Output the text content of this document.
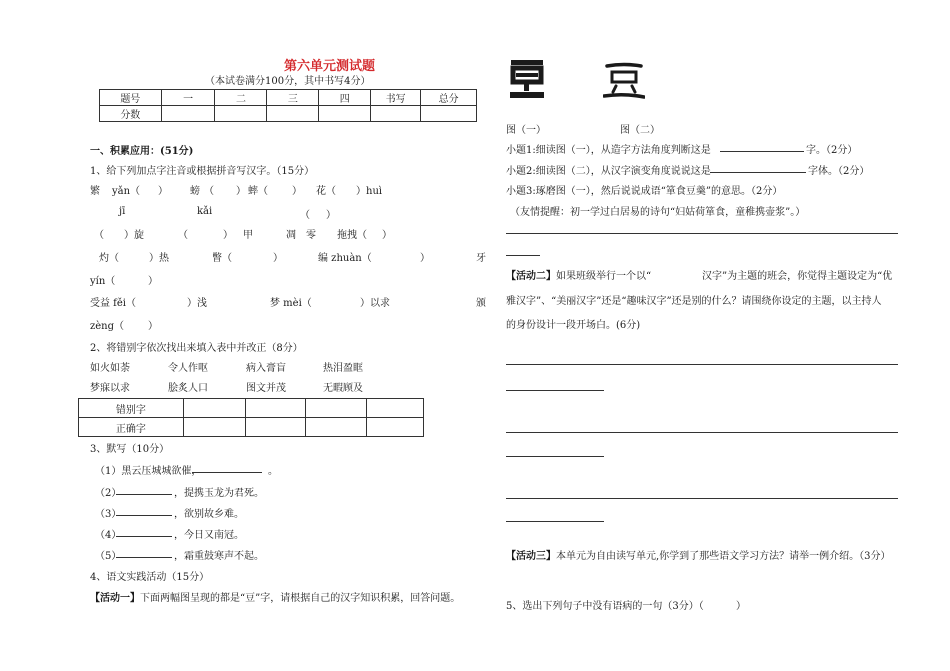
第六单元测试题
（本试卷满分100分，其中书写4分）
题号	一	二	三	四	书写	总分
分数						
一、积累应用：(51分)
1、给下列加点字注音或根据拼音写汉字。（15分）
繁 yǎn（ ） 螃 （ ） 蟀（ ） 花（ ）huì
jī	kǎi	（ ）
（ ）旋	（	） 甲	凋 零 拖拽（ ）
灼（	）热	瞥（	）	编 zhuàn（	）	牙
yín（	）
受益 fěi（	）浅	梦 mèi（	）以求	颁
zèng（ ）
2、将错别字依次找出来填入表中并改正（8分）
如火如荼	令人作呕	病入膏盲	热泪盈眶
梦寐以求	脍炙人口	图文并茂	无暇顾及
错别字				
正确字				
3、默写（10分）
（1）黑云压城城欲催，	。
（2）	，提携玉龙为君死。
（3）	，欲别故乡难。
（4）	，今日又南冠。
（5）	，霜重鼓寒声不起。
4、语文实践活动（15分）
【活动一】 下面两幅图呈现的都是“豆”字，请根据自己的汉字知识积累，回答问题。
图（一）	图（二）
小题1:细读图（一），从造字方法角度判断这是	字。（2分）
小题2:细读图（二），从汉字演变角度说说这是	字体。（2分）
小题3:琢磨图（一），然后说说成语“箪食豆羹”的意思。（2分）
（友情提醒：初一学过白居易的诗句“妇姑荷箪食，童稚携壶浆”。）
【活动二】 如果班级举行一个以“	汉字”为主题的班会，你觉得主题设定为“优
雅汉字”、“美丽汉字”还是“趣味汉字”还是别的什么？请围绕你设定的主题，以主持人
的身份设计一段开场白。(6分)
【活动三】 本单元为自由读写单元,你学到了那些语文学习方法？请举一例介绍。（3分）
5、选出下列句子中没有语病的一句（3分）（	）
